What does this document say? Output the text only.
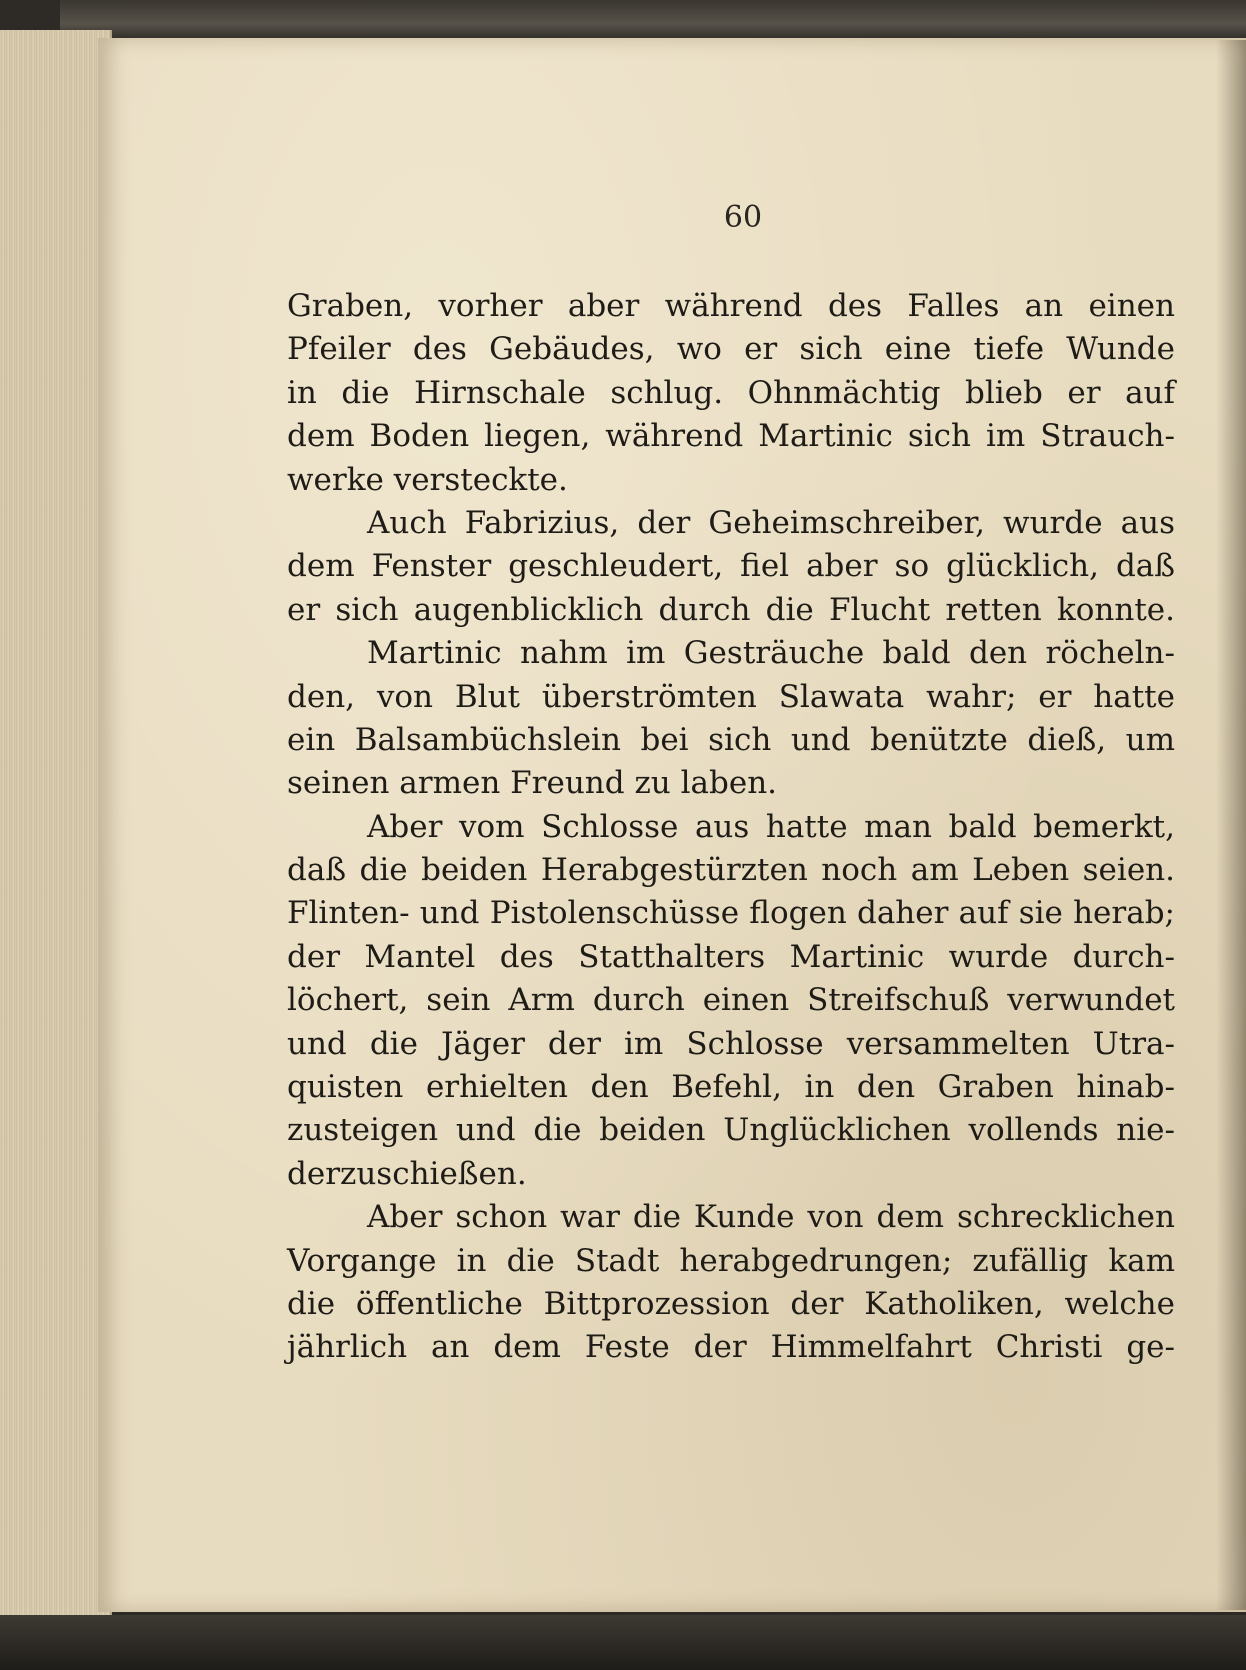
60
Graben, vorher aber während des Falles an einen
Pfeiler des Gebäudes, wo er sich eine tiefe Wunde
in die Hirnschale schlug. Ohnmächtig blieb er auf
dem Boden liegen, während Martinic sich im Strauch-
werke versteckte.
Auch Fabrizius, der Geheimschreiber, wurde aus
dem Fenster geschleudert, fiel aber so glücklich, daß
er sich augenblicklich durch die Flucht retten konnte.
Martinic nahm im Gesträuche bald den röcheln-
den, von Blut überströmten Slawata wahr; er hatte
ein Balsambüchslein bei sich und benützte dieß, um
seinen armen Freund zu laben.
Aber vom Schlosse aus hatte man bald bemerkt,
daß die beiden Herabgestürzten noch am Leben seien.
Flinten- und Pistolenschüsse flogen daher auf sie herab;
der Mantel des Statthalters Martinic wurde durch-
löchert, sein Arm durch einen Streifschuß verwundet
und die Jäger der im Schlosse versammelten Utra-
quisten erhielten den Befehl, in den Graben hinab-
zusteigen und die beiden Unglücklichen vollends nie-
derzuschießen.
Aber schon war die Kunde von dem schrecklichen
Vorgange in die Stadt herabgedrungen; zufällig kam
die öffentliche Bittprozession der Katholiken, welche
jährlich an dem Feste der Himmelfahrt Christi ge-
